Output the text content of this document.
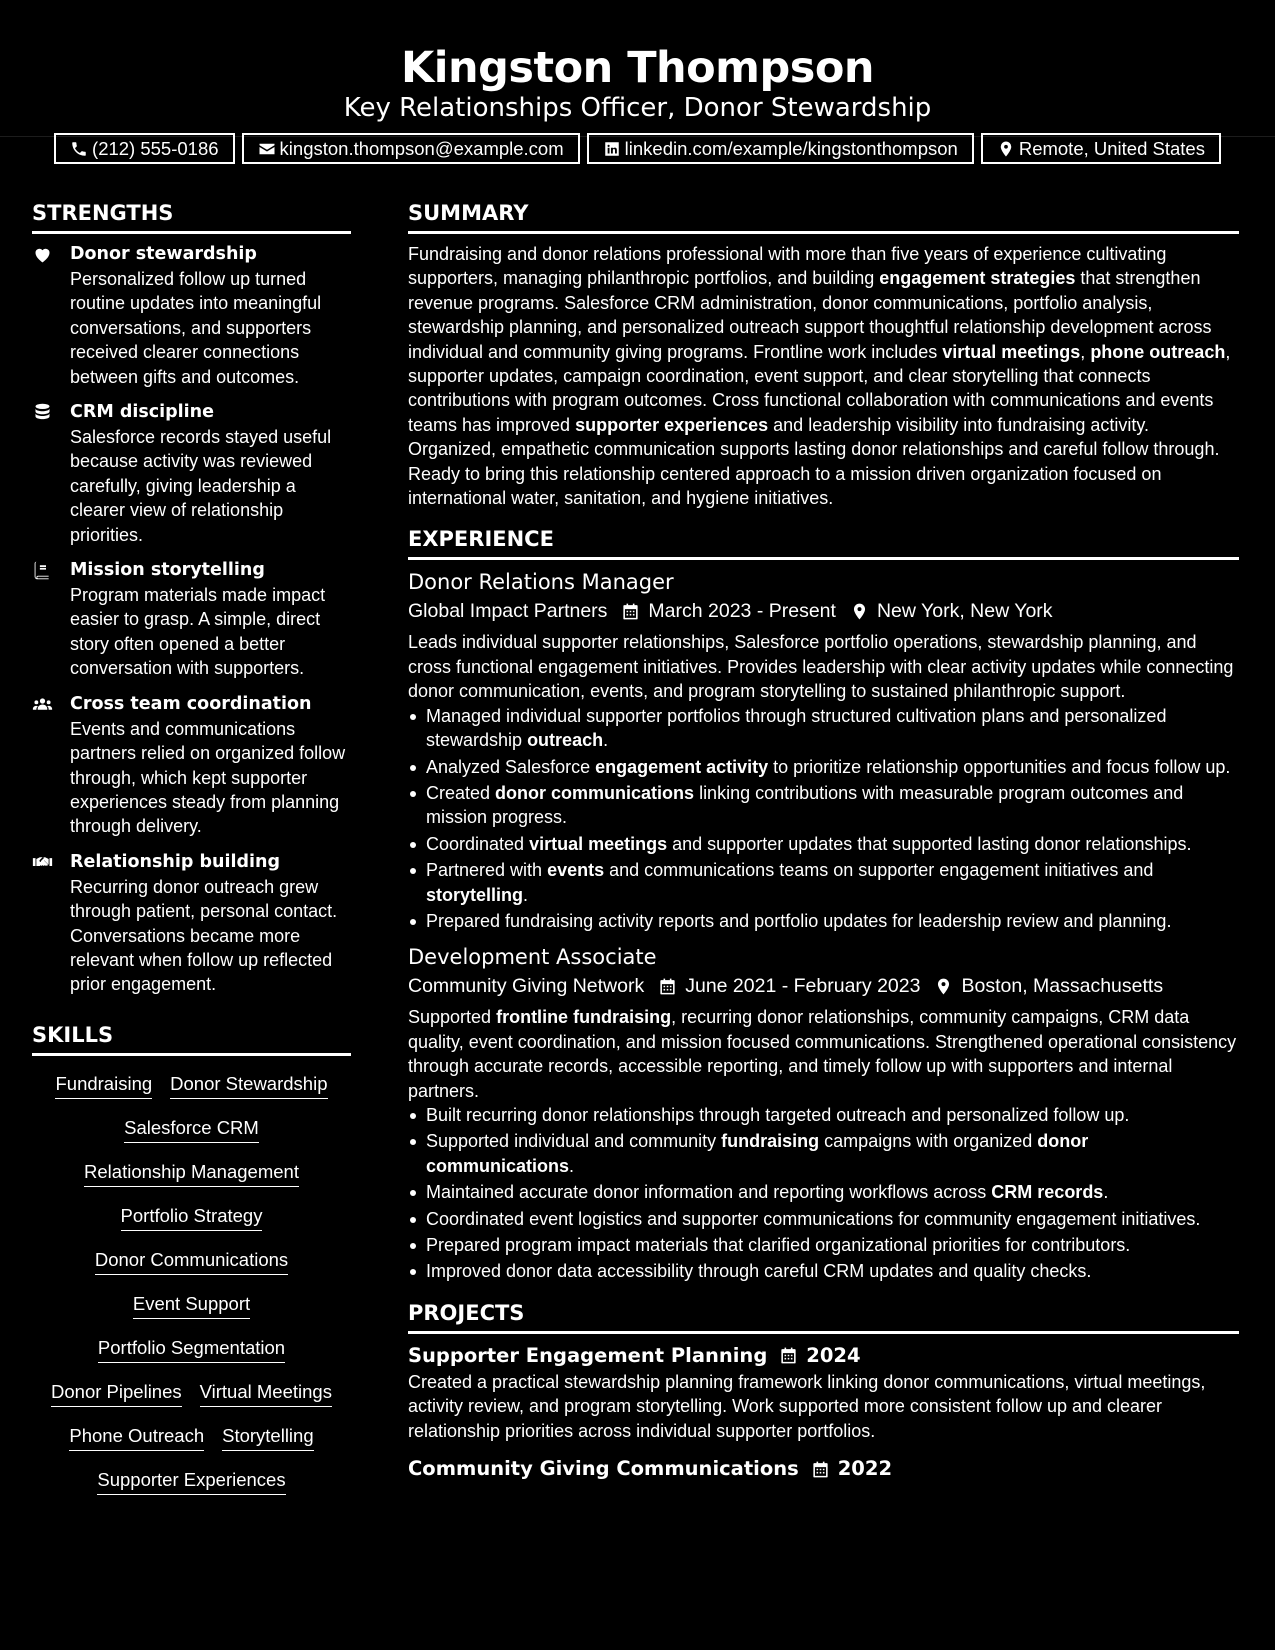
Kingston Thompson
Key Relationships Officer, Donor Stewardship
(212) 555-0186	kingston.thompson@example.com	linkedin.com/example/kingstonthompson	Remote, United States
STRENGTHS
Donor stewardship
Personalized follow up turned routine updates into meaningful conversations, and supporters received clearer connections between gifts and outcomes.
CRM discipline
Salesforce records stayed useful because activity was reviewed carefully, giving leadership a clearer view of relationship priorities.
Mission storytelling
Program materials made impact easier to grasp. A simple, direct story often opened a better conversation with supporters.
Cross team coordination
Events and communications partners relied on organized follow through, which kept supporter experiences steady from planning through delivery.
Relationship building
Recurring donor outreach grew through patient, personal contact. Conversations became more relevant when follow up reflected prior engagement.
SKILLS
Fundraising Donor Stewardship
Salesforce CRM
Relationship Management
Portfolio Strategy
Donor Communications
Event Support
Portfolio Segmentation
Donor Pipelines Virtual Meetings
Phone Outreach Storytelling
Supporter Experiences
SUMMARY
Fundraising and donor relations professional with more than five years of experience cultivating supporters, managing philanthropic portfolios, and building engagement strategies that strengthen revenue programs. Salesforce CRM administration, donor communications, portfolio analysis, stewardship planning, and personalized outreach support thoughtful relationship development across individual and community giving programs. Frontline work includes virtual meetings, phone outreach, supporter updates, campaign coordination, event support, and clear storytelling that connects contributions with program outcomes. Cross functional collaboration with communications and events teams has improved supporter experiences and leadership visibility into fundraising activity. Organized, empathetic communication supports lasting donor relationships and careful follow through. Ready to bring this relationship centered approach to a mission driven organization focused on international water, sanitation, and hygiene initiatives.
EXPERIENCE
Donor Relations Manager
Global Impact Partners March 2023 - Present New York, New York
Leads individual supporter relationships, Salesforce portfolio operations, stewardship planning, and cross functional engagement initiatives. Provides leadership with clear activity updates while connecting donor communication, events, and program storytelling to sustained philanthropic support.
Managed individual supporter portfolios through structured cultivation plans and personalized stewardship outreach.
Analyzed Salesforce engagement activity to prioritize relationship opportunities and focus follow up.
Created donor communications linking contributions with measurable program outcomes and mission progress.
Coordinated virtual meetings and supporter updates that supported lasting donor relationships.
Partnered with events and communications teams on supporter engagement initiatives and storytelling.
Prepared fundraising activity reports and portfolio updates for leadership review and planning.
Development Associate
Community Giving Network June 2021 - February 2023 Boston, Massachusetts
Supported frontline fundraising, recurring donor relationships, community campaigns, CRM data quality, event coordination, and mission focused communications. Strengthened operational consistency through accurate records, accessible reporting, and timely follow up with supporters and internal partners.
Built recurring donor relationships through targeted outreach and personalized follow up.
Supported individual and community fundraising campaigns with organized donor communications.
Maintained accurate donor information and reporting workflows across CRM records.
Coordinated event logistics and supporter communications for community engagement initiatives.
Prepared program impact materials that clarified organizational priorities for contributors.
Improved donor data accessibility through careful CRM updates and quality checks.
PROJECTS
Supporter Engagement Planning 2024
Created a practical stewardship planning framework linking donor communications, virtual meetings, activity review, and program storytelling. Work supported more consistent follow up and clearer relationship priorities across individual supporter portfolios.
Community Giving Communications 2022
